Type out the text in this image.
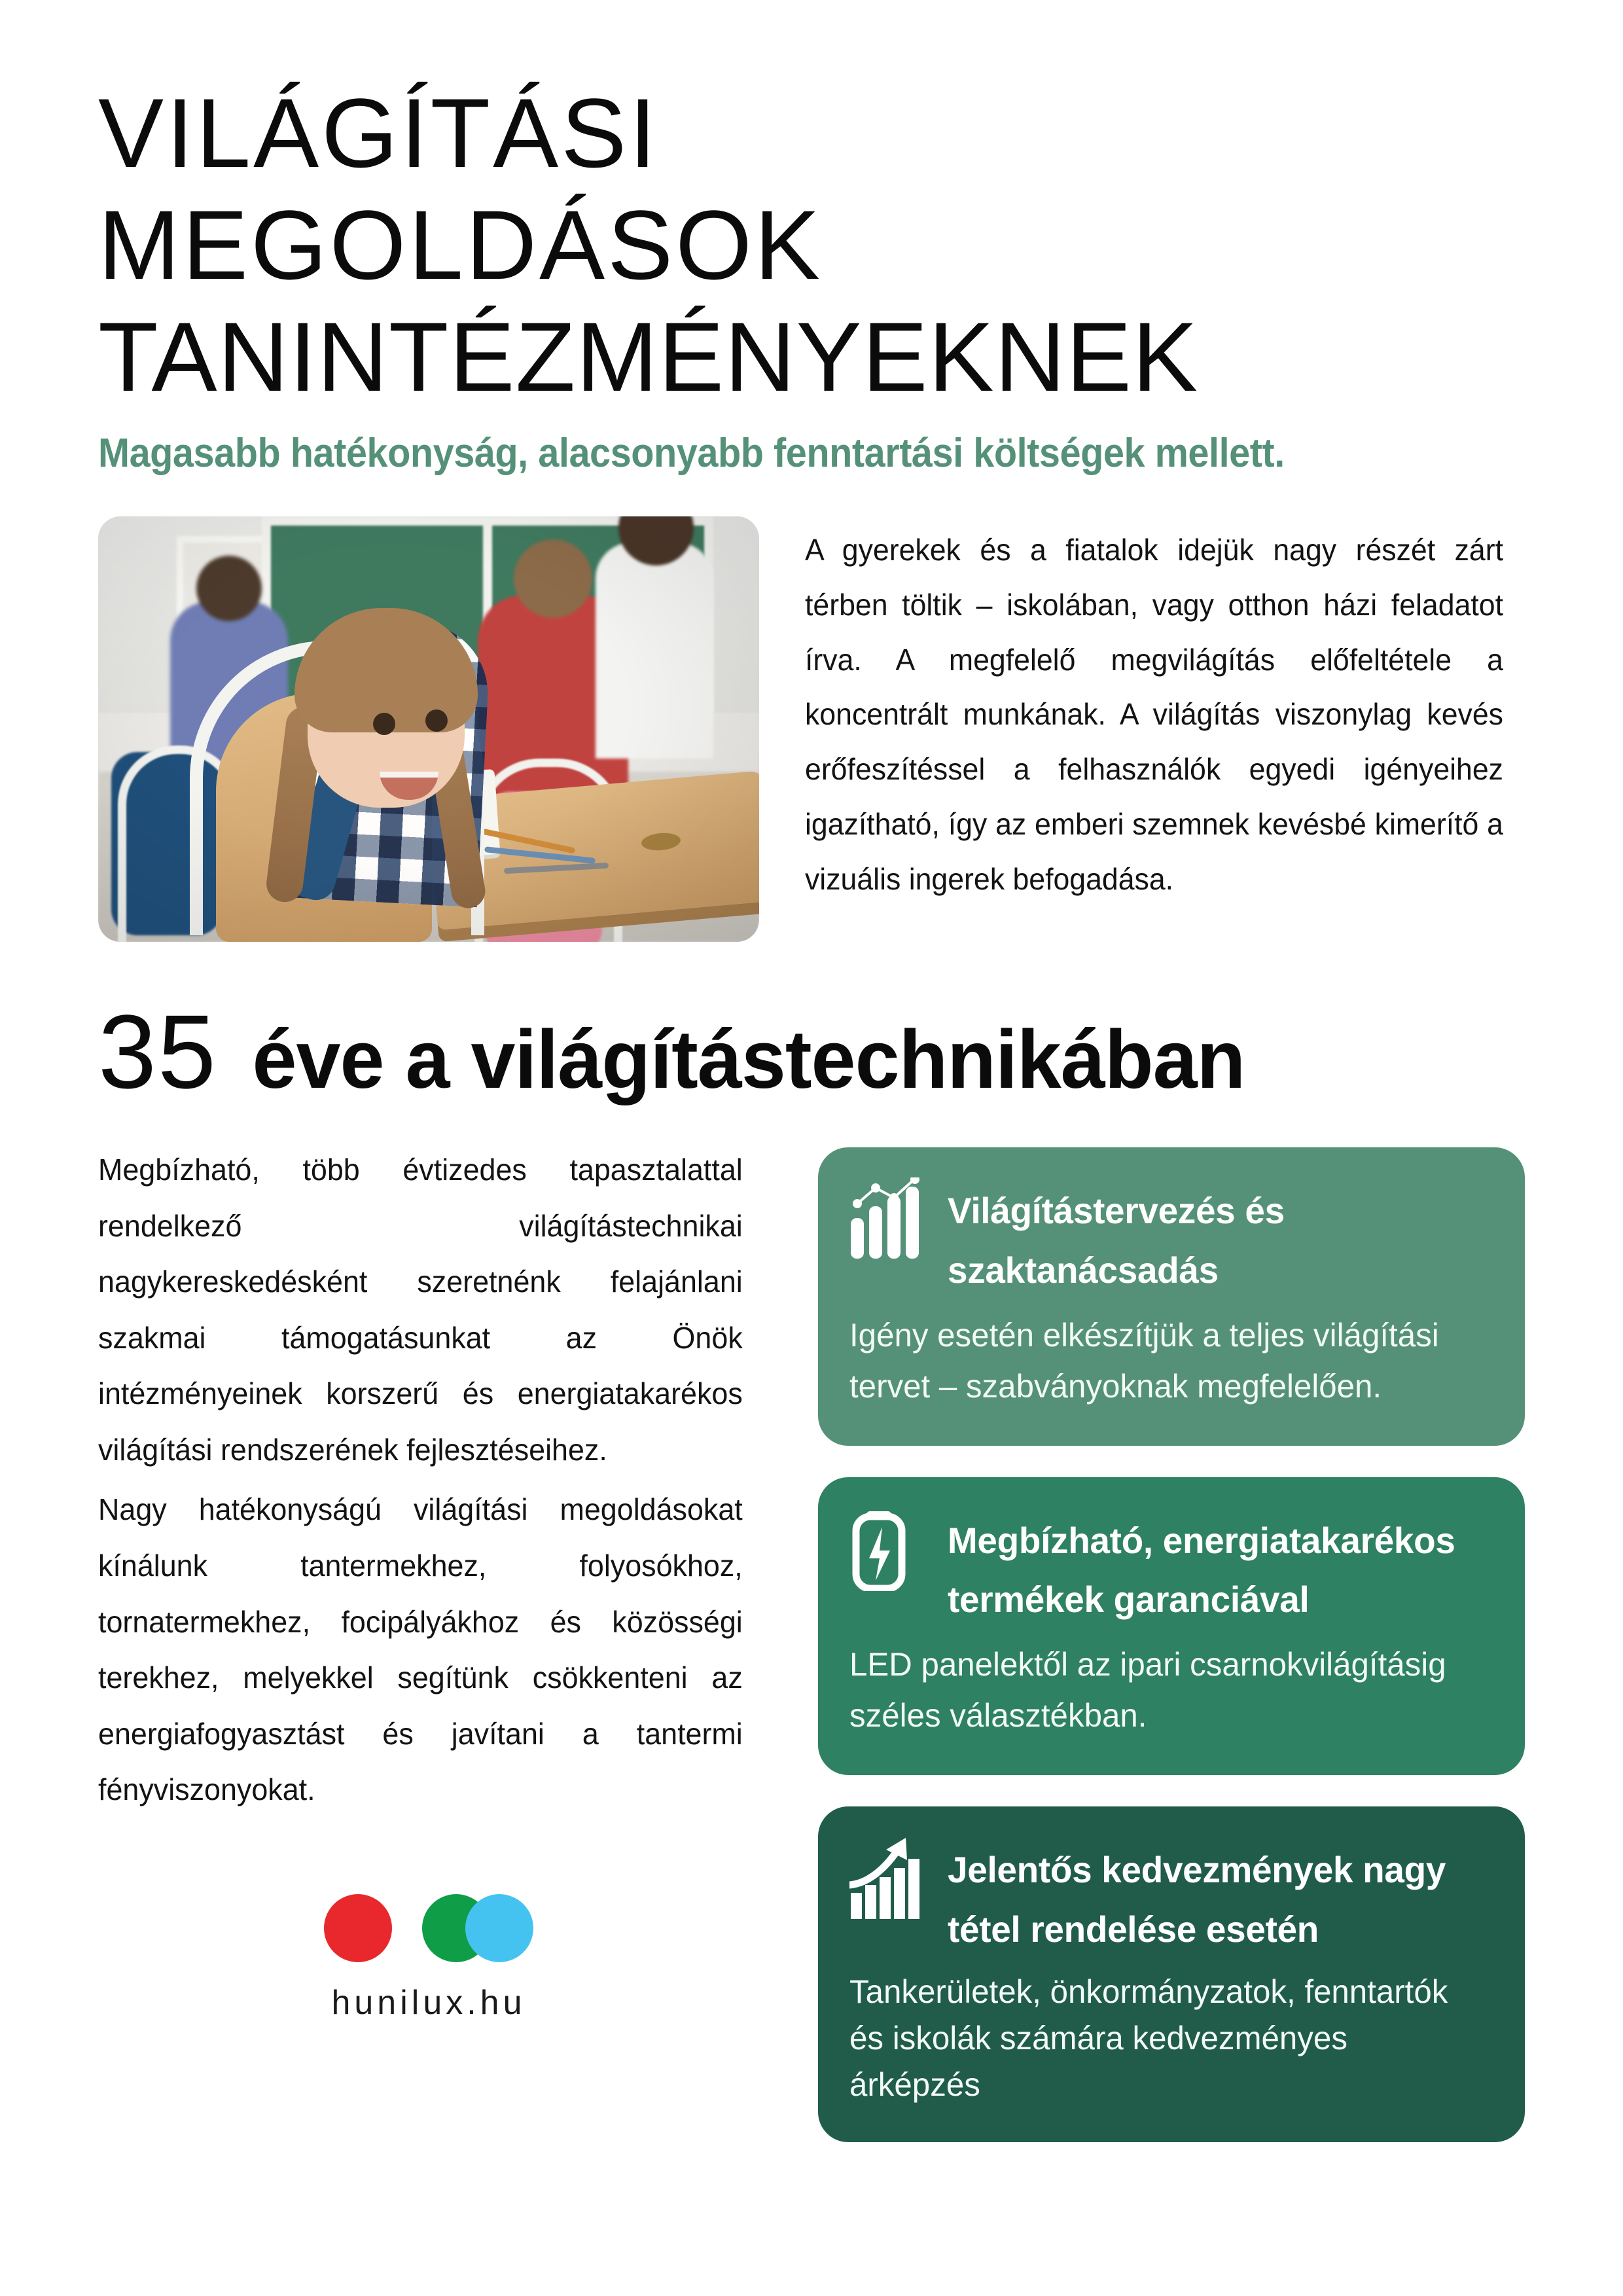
VILÁGÍTÁSI
MEGOLDÁSOK
TANINTÉZMÉNYEKNEK

Magasabb hatékonyság, alacsonyabb fenntartási költségek mellett.

A gyerekek és a fiatalok idejük nagy részét zárt térben töltik – iskolában, vagy otthon házi feladatot írva. A megfelelő megvilágítás előfeltétele a koncentrált munkának. A világítás viszonylag kevés erőfeszítéssel a felhasználók egyedi igényeihez igazítható, így az emberi szemnek kevésbé kimerítő a vizuális ingerek befogadása.

35 éve a világítástechnikában

Megbízható, több évtizedes tapasztalattal rendelkező világítástechnikai nagykereskedésként szeretnénk felajánlani szakmai támogatásunkat az Önök intézményeinek korszerű és energiatakarékos világítási rendszerének fejlesztéseihez.

Nagy hatékonyságú világítási megoldásokat kínálunk tantermekhez, folyosókhoz, tornatermekhez, focipályákhoz és közösségi terekhez, melyekkel segítünk csökkenteni az energiafogyasztást és javítani a tantermi fényviszonyokat.

hunilux.hu
Világítástervezés és szaktanácsadás

Igény esetén elkészítjük a teljes világítási tervet – szabványoknak megfelelően.

Megbízható, energiatakarékos termékek garanciával

LED panelektől az ipari csarnokvilágításig széles választékban.

Jelentős kedvezmények nagy tétel rendelése esetén

Tankerületek, önkormányzatok, fenntartók és iskolák számára kedvezményes árképzés
